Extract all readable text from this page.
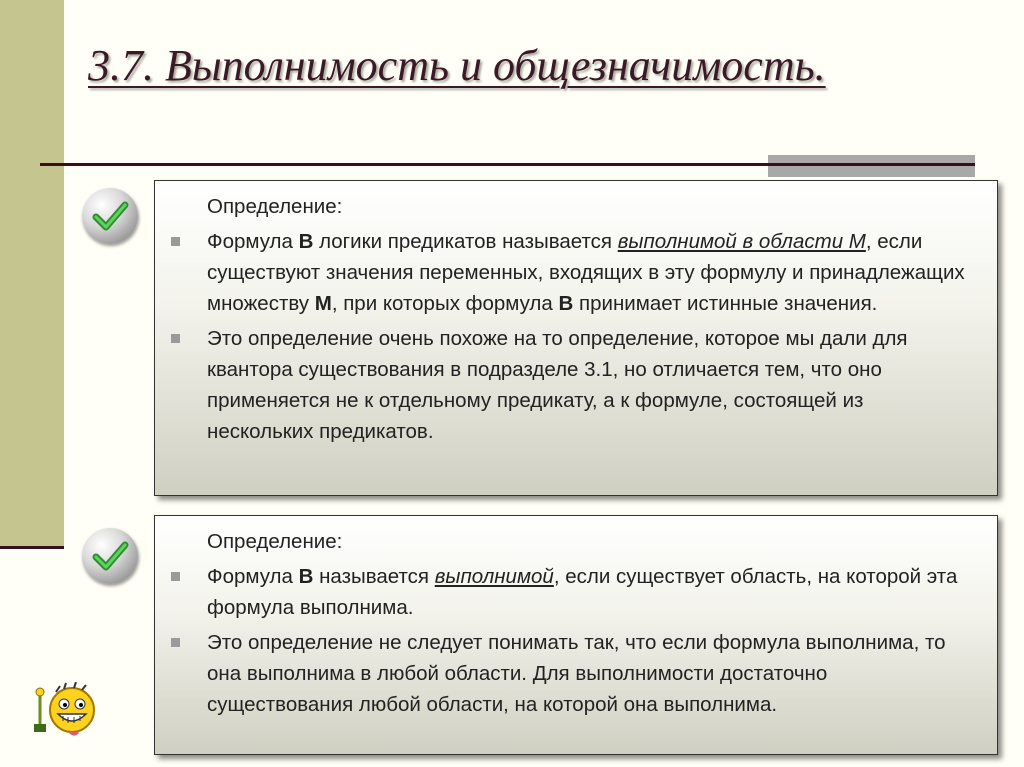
3.7. Выполнимость и общезначимость.
Определение:
Формула В логики предикатов называется выполнимой в области М, если существуют значения переменных, входящих в эту формулу и принадлежащих множеству М, при которых формула В принимает истинные значения.
Это определение очень похоже на то определение, которое мы дали для квантора существования в подразделе 3.1, но отличается тем, что оно применяется не к отдельному предикату, а к формуле, состоящей из нескольких предикатов.
Определение:
Формула В называется выполнимой, если существует область, на которой эта формула выполнима.
Это определение не следует понимать так, что если формула выполнима, то она выполнима в любой области. Для выполнимости достаточно существования любой области, на которой она выполнима.
